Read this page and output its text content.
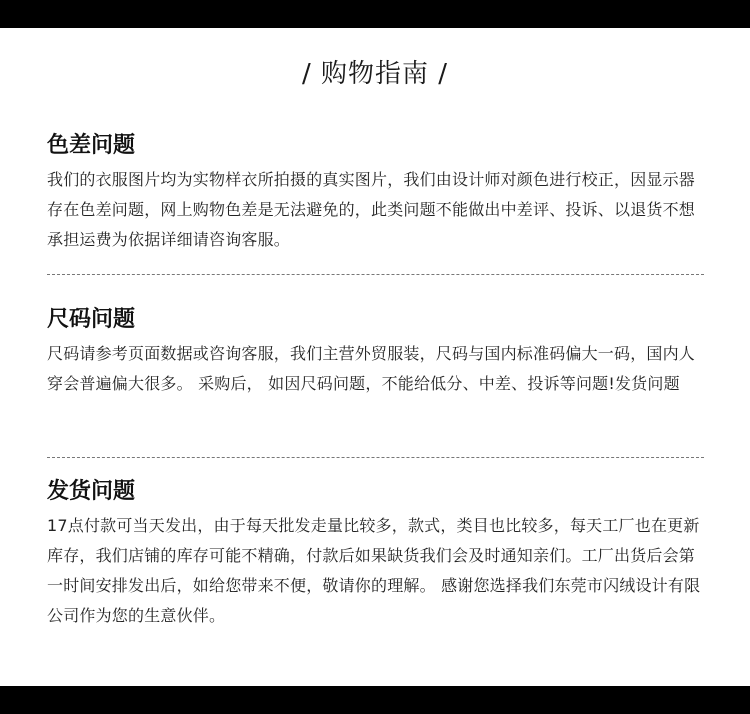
/ 购物指南 /
色差问题

我们的衣服图片均为实物样衣所拍摄的真实图片，我们由设计师对颜色进行校正，因显示器存在色差问题，网上购物色差是无法避免的，此类问题不能做出中差评、投诉、以退货不想承担运费为依据详细请咨询客服。

尺码问题

尺码请参考页面数据或咨询客服，我们主营外贸服装，尺码与国内标准码偏大一码，国内人穿会普遍偏大很多。 采购后， 如因尺码问题，不能给低分、中差、投诉等问题!发货问题

发货问题

17点付款可当天发出，由于每天批发走量比较多，款式，类目也比较多，每天工厂也在更新库存，我们店铺的库存可能不精确，付款后如果缺货我们会及时通知亲们。工厂出货后会第一时间安排发出后，如给您带来不便，敬请你的理解。 感谢您选择我们东莞市闪绒设计有限公司作为您的生意伙伴。
